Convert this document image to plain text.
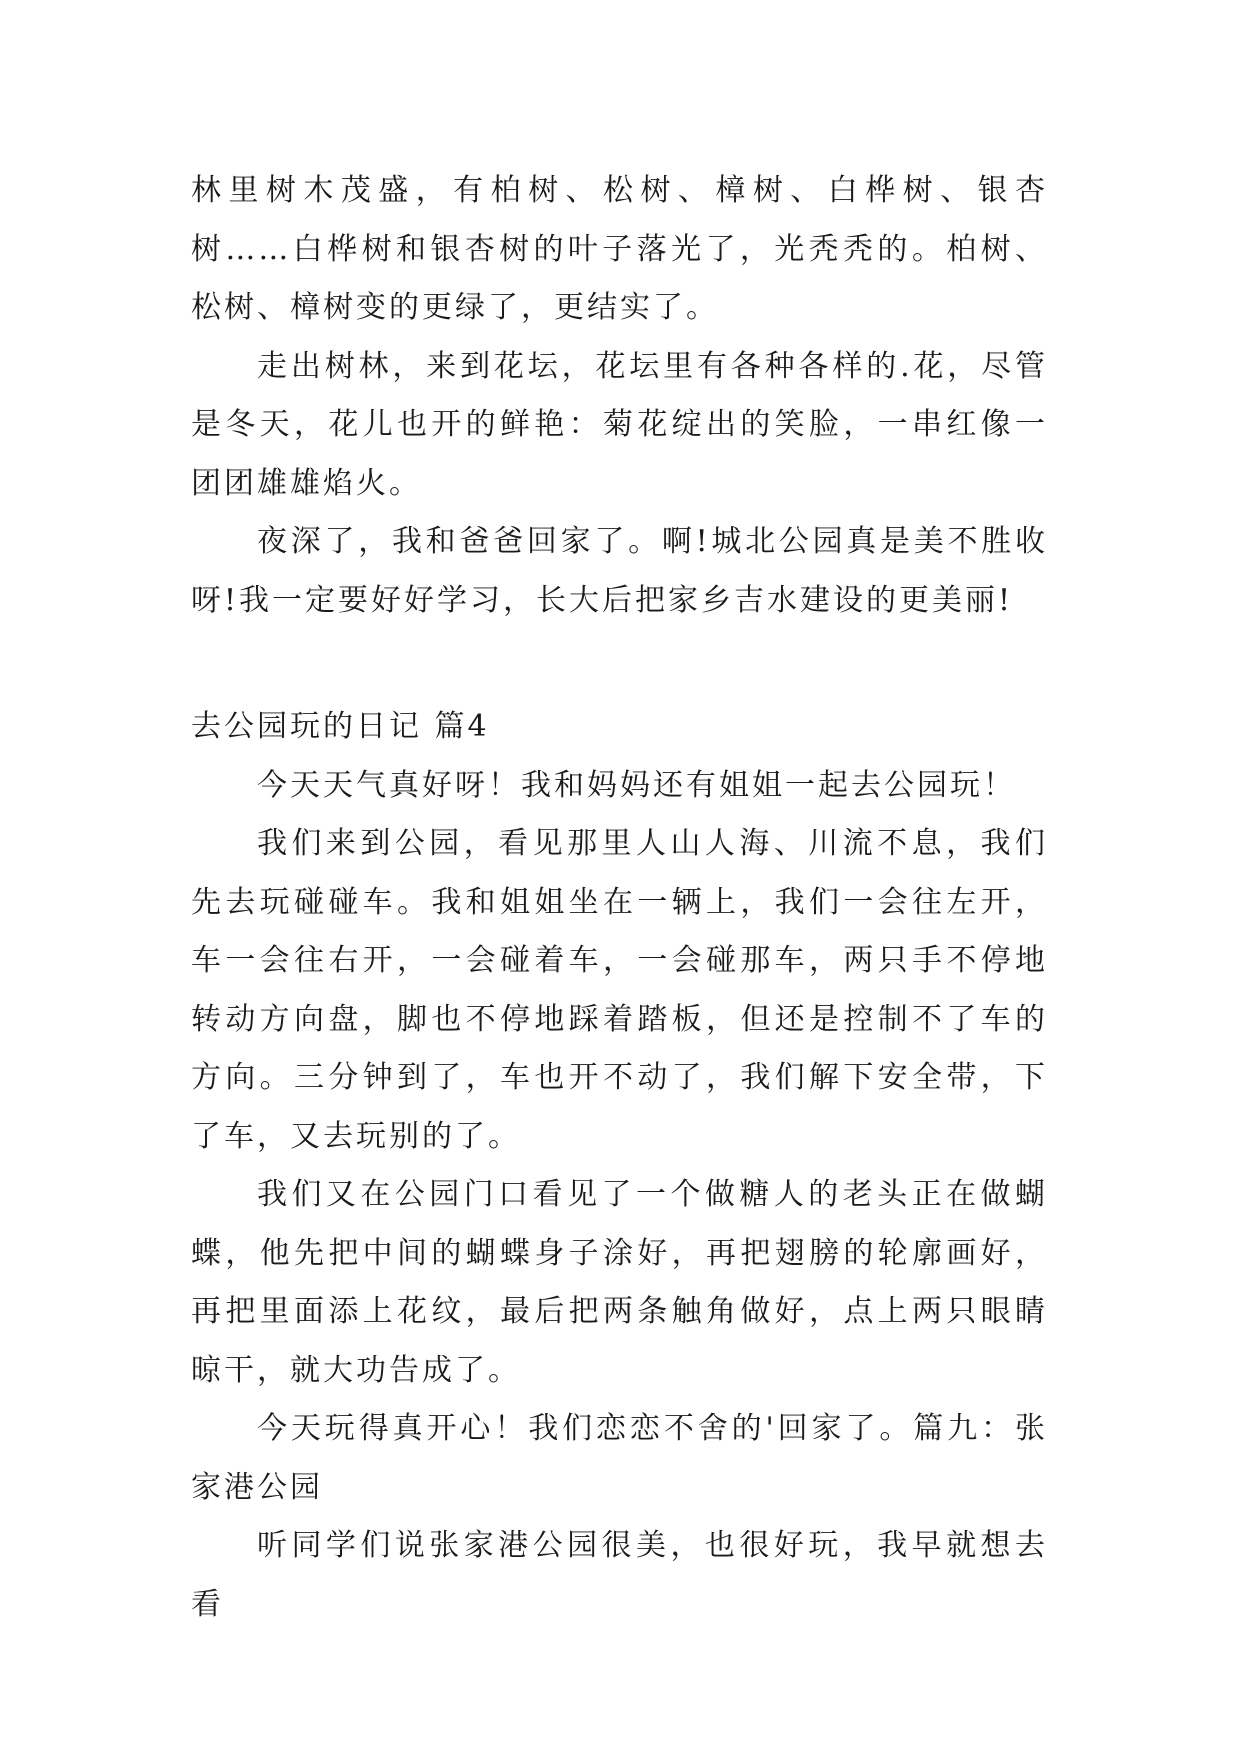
林里树木茂盛，有柏树、松树、樟树、白桦树、银杏树……白桦树和银杏树的叶子落光了，光秃秃的。柏树、松树、樟树变的更绿了，更结实了。

走出树林，来到花坛，花坛里有各种各样的.花，尽管是冬天，花儿也开的鲜艳：菊花绽出的笑脸，一串红像一团团雄雄焰火。

夜深了，我和爸爸回家了。啊!城北公园真是美不胜收呀!我一定要好好学习，长大后把家乡吉水建设的更美丽!

去公园玩的日记 篇4

今天天气真好呀！我和妈妈还有姐姐一起去公园玩！

我们来到公园，看见那里人山人海、川流不息，我们先去玩碰碰车。我和姐姐坐在一辆上，我们一会往左开，车一会往右开，一会碰着车，一会碰那车，两只手不停地转动方向盘，脚也不停地踩着踏板，但还是控制不了车的方向。三分钟到了，车也开不动了，我们解下安全带，下了车，又去玩别的了。

我们又在公园门口看见了一个做糖人的老头正在做蝴蝶，他先把中间的蝴蝶身子涂好，再把翅膀的轮廓画好，再把里面添上花纹，最后把两条触角做好，点上两只眼睛晾干，就大功告成了。

今天玩得真开心！我们恋恋不舍的'回家了。篇九：张家港公园

听同学们说张家港公园很美，也很好玩，我早就想去看
